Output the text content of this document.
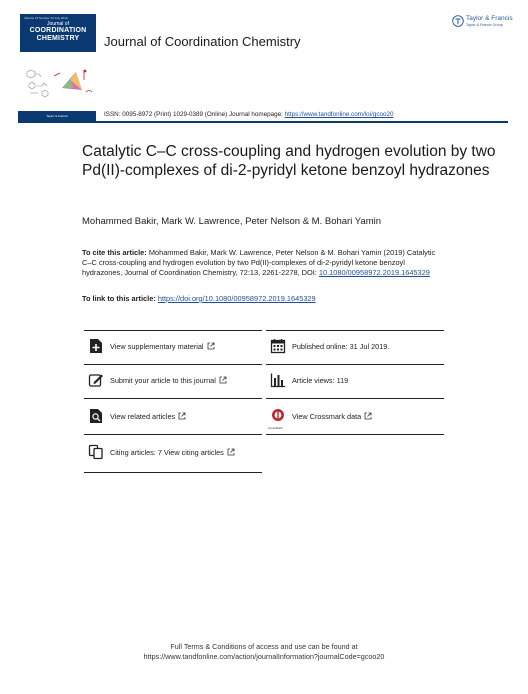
Volume 72 Number 13 July 2019
Journal of
COORDINATION
CHEMISTRY	Journal of Coordination Chemistry
Taylor & Francis
Taylor & Francis Group
Taylor & Francis	ISSN: 0095-8972 (Print) 1029-0389 (Online) Journal homepage: https://www.tandfonline.com/loi/gcoo20
Catalytic C–C cross-coupling and hydrogen evolution by two Pd(II)-complexes of di-2-pyridyl ketone benzoyl hydrazones
Mohammed Bakir, Mark W. Lawrence, Peter Nelson & M. Bohari Yamin
To cite this article: Mohammed Bakir, Mark W. Lawrence, Peter Nelson & M. Bohari Yamin (2019) Catalytic C–C cross-coupling and hydrogen evolution by two Pd(II)-complexes of di-2-pyridyl ketone benzoyl hydrazones, Journal of Coordination Chemistry, 72:13, 2261-2278, DOI: 10.1080/00958972.2019.1645329
To link to this article: https://doi.org/10.1080/00958972.2019.1645329
View supplementary material
Submit your article to this journal
View related articles
Citing articles: 7 View citing articles
Published online: 31 Jul 2019.
Article views: 119
CrossMark
View Crossmark data
Full Terms & Conditions of access and use can be found at
https://www.tandfonline.com/action/journalInformation?journalCode=gcoo20
